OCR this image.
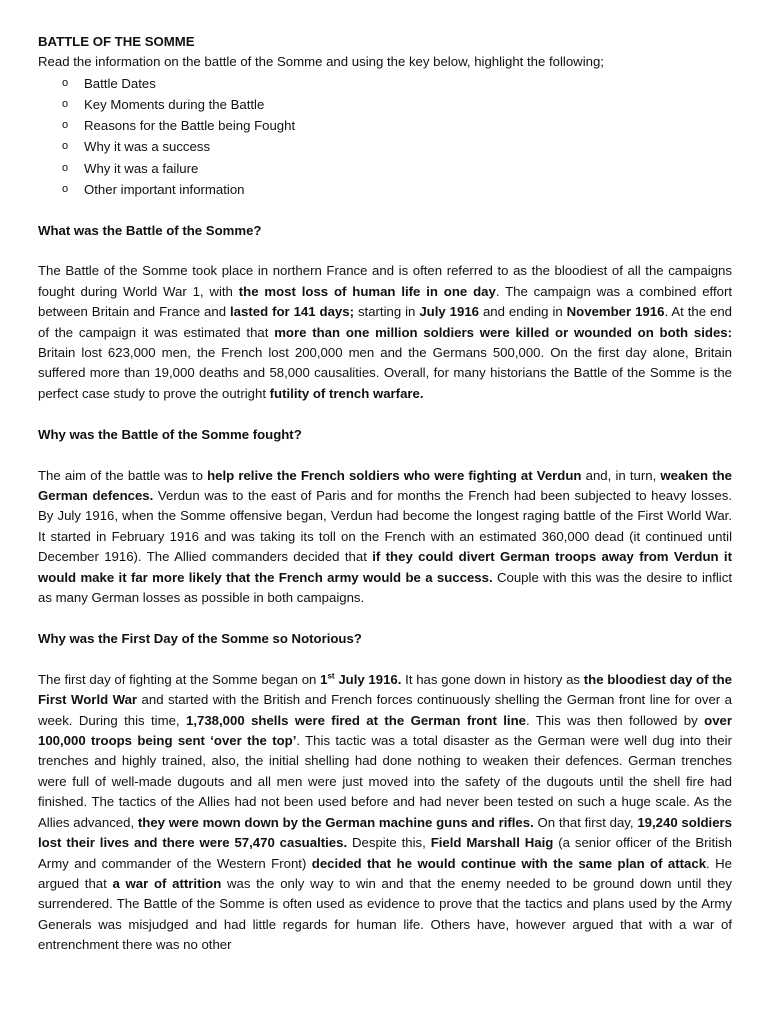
BATTLE OF THE SOMME

Read the information on the battle of the Somme and using the key below, highlight the following;

o Battle Dates
o Key Moments during the Battle
o Reasons for the Battle being Fought
o Why it was a success
o Why it was a failure
o Other important information
What was the Battle of the Somme?

The Battle of the Somme took place in northern France and is often referred to as the bloodiest of all the campaigns fought during World War 1, with the most loss of human life in one day. The campaign was a combined effort between Britain and France and lasted for 141 days; starting in July 1916 and ending in November 1916. At the end of the campaign it was estimated that more than one million soldiers were killed or wounded on both sides: Britain lost 623,000 men, the French lost 200,000 men and the Germans 500,000. On the first day alone, Britain suffered more than 19,000 deaths and 58,000 causalities. Overall, for many historians the Battle of the Somme is the perfect case study to prove the outright futility of trench warfare.

Why was the Battle of the Somme fought?

The aim of the battle was to help relive the French soldiers who were fighting at Verdun and, in turn, weaken the German defences. Verdun was to the east of Paris and for months the French had been subjected to heavy losses. By July 1916, when the Somme offensive began, Verdun had become the longest raging battle of the First World War. It started in February 1916 and was taking its toll on the French with an estimated 360,000 dead (it continued until December 1916). The Allied commanders decided that if they could divert German troops away from Verdun it would make it far more likely that the French army would be a success. Couple with this was the desire to inflict as many German losses as possible in both campaigns.

Why was the First Day of the Somme so Notorious?

The first day of fighting at the Somme began on 1st July 1916. It has gone down in history as the bloodiest day of the First World War and started with the British and French forces continuously shelling the German front line for over a week. During this time, 1,738,000 shells were fired at the German front line. This was then followed by over 100,000 troops being sent ‘over the top’. This tactic was a total disaster as the German were well dug into their trenches and highly trained, also, the initial shelling had done nothing to weaken their defences. German trenches were full of well-made dugouts and all men were just moved into the safety of the dugouts until the shell fire had finished. The tactics of the Allies had not been used before and had never been tested on such a huge scale. As the Allies advanced, they were mown down by the German machine guns and rifles. On that first day, 19,240 soldiers lost their lives and there were 57,470 casualties. Despite this, Field Marshall Haig (a senior officer of the British Army and commander of the Western Front) decided that he would continue with the same plan of attack. He argued that a war of attrition was the only way to win and that the enemy needed to be ground down until they surrendered. The Battle of the Somme is often used as evidence to prove that the tactics and plans used by the Army Generals was misjudged and had little regards for human life. Others have, however argued that with a war of entrenchment there was no other
